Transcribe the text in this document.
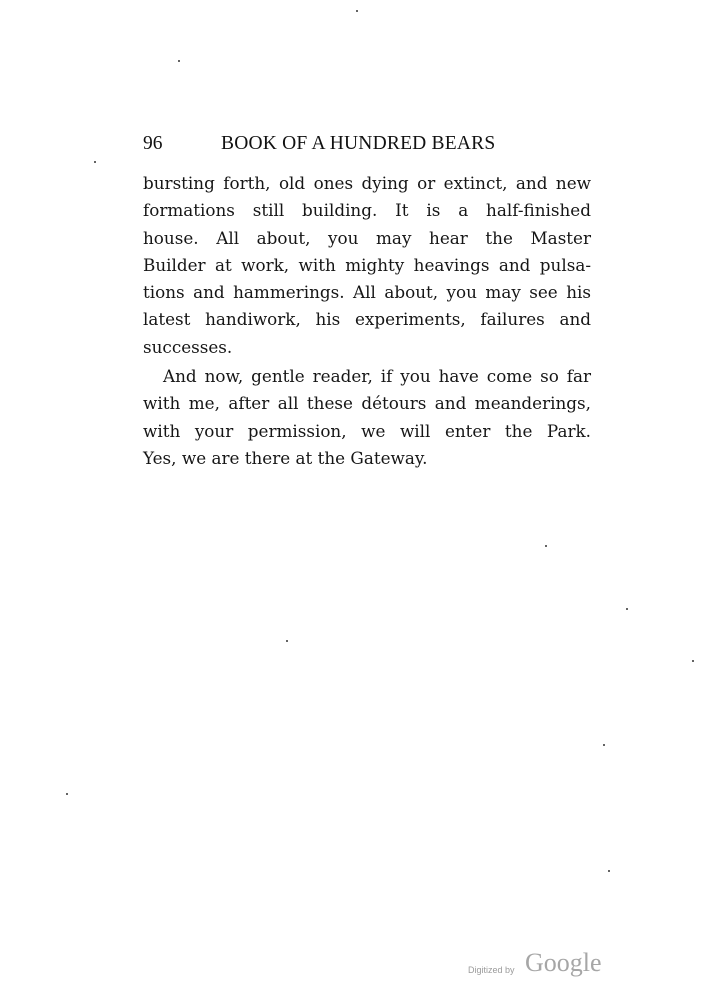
96	BOOK OF A HUNDRED BEARS
bursting forth, old ones dying or extinct, and new
formations still building. It is a half-finished
house. All about, you may hear the Master
Builder at work, with mighty heavings and pulsa-
tions and hammerings. All about, you may see his
latest handiwork, his experiments, failures and
successes.
And now, gentle reader, if you have come so far
with me, after all these détours and meanderings,
with your permission, we will enter the Park.
Yes, we are there at the Gateway.
Digitized by Google
